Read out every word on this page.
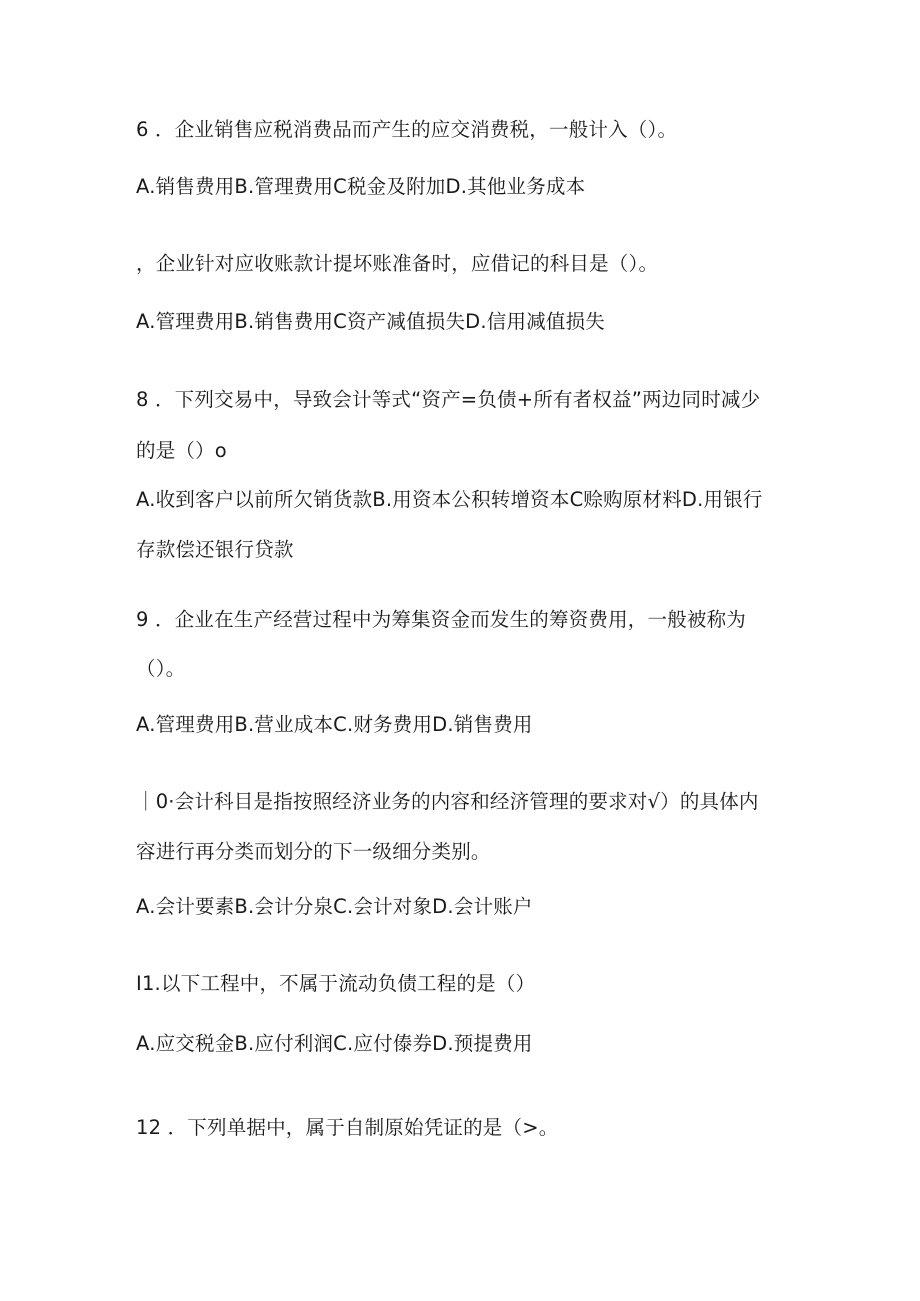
6 ．企业销售应税消费品而产生的应交消费税，一般计入（）。
A.销售费用B.管理费用C税金及附加D.其他业务成本
，企业针对应收账款计提坏账准备时，应借记的科目是（）。
A.管理费用B.销售费用C资产减值损失D.信用减值损失
8 ．下列交易中，导致会计等式“资产=负债+所有者权益”两边同时减少
的是（）o
A.收到客户以前所欠销货款B.用资本公积转增资本C赊购原材料D.用银行
存款偿还银行贷款
9 ．企业在生产经营过程中为筹集资金而发生的筹资费用，一般被称为
（）。
A.管理费用B.营业成本C.财务费用D.销售费用
｜0·会计科目是指按照经济业务的内容和经济管理的要求对√）的具体内
容进行再分类而划分的下一级细分类别。
A.会计要素B.会计分泉C.会计对象D.会计账户
I1.以下工程中，不属于流动负债工程的是（）
A.应交税金B.应付利润C.应付傣券D.预提费用
12 ．下列单据中，属于自制原始凭证的是（>。
